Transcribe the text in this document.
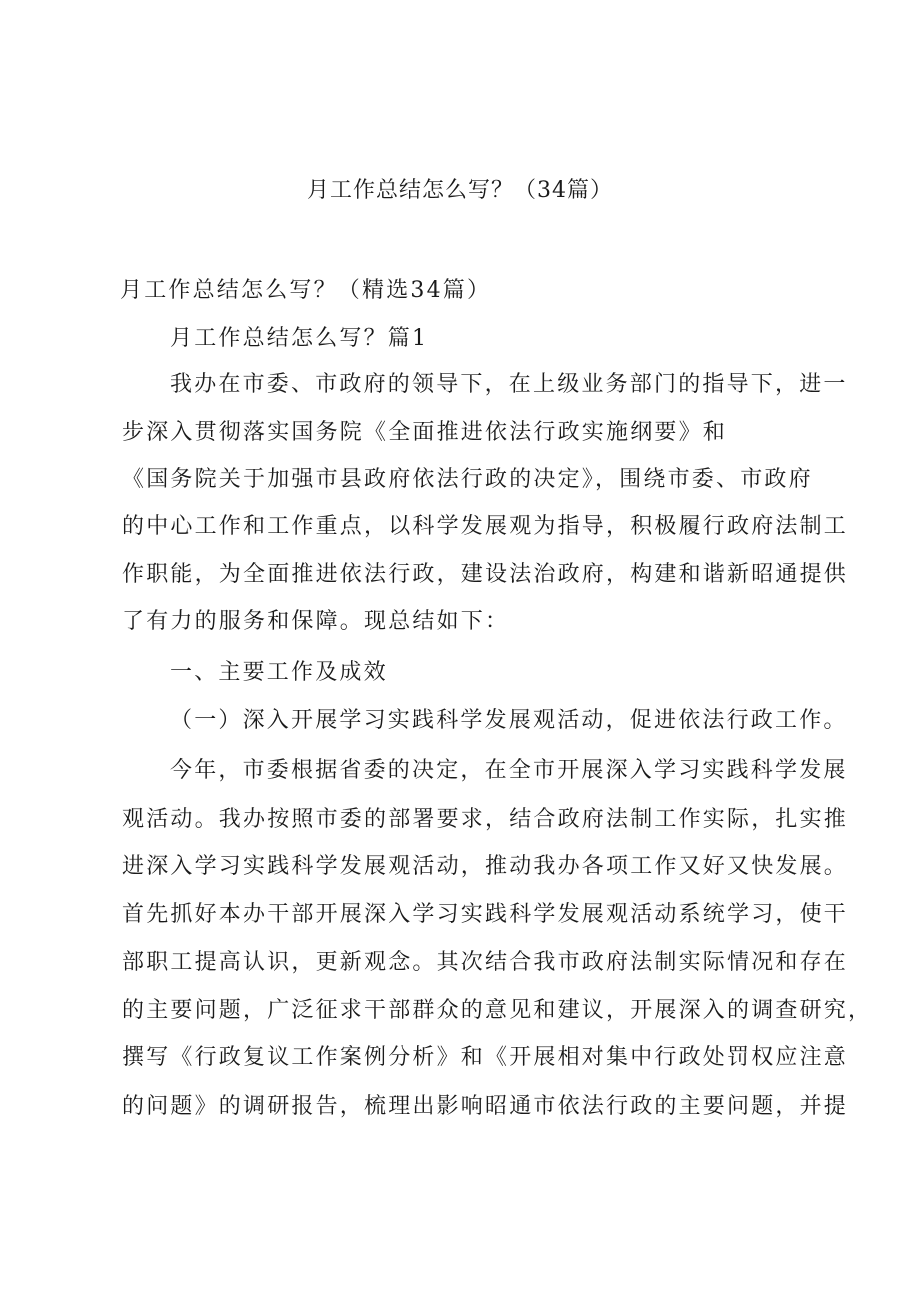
月工作总结怎么写？（34篇）
月工作总结怎么写？（精选34篇）
月工作总结怎么写？篇1
我办在市委、市政府的领导下，在上级业务部门的指导下，进一
步深入贯彻落实国务院《全面推进依法行政实施纲要》和
《国务院关于加强市县政府依法行政的决定》，围绕市委、市政府
的中心工作和工作重点，以科学发展观为指导，积极履行政府法制工
作职能，为全面推进依法行政，建设法治政府，构建和谐新昭通提供
了有力的服务和保障。现总结如下：
一、主要工作及成效
（一）深入开展学习实践科学发展观活动，促进依法行政工作。
今年，市委根据省委的决定，在全市开展深入学习实践科学发展
观活动。我办按照市委的部署要求，结合政府法制工作实际，扎实推
进深入学习实践科学发展观活动，推动我办各项工作又好又快发展。
首先抓好本办干部开展深入学习实践科学发展观活动系统学习，使干
部职工提高认识，更新观念。其次结合我市政府法制实际情况和存在
的主要问题，广泛征求干部群众的意见和建议，开展深入的调查研究，
撰写《行政复议工作案例分析》和《开展相对集中行政处罚权应注意
的问题》的调研报告，梳理出影响昭通市依法行政的主要问题，并提
